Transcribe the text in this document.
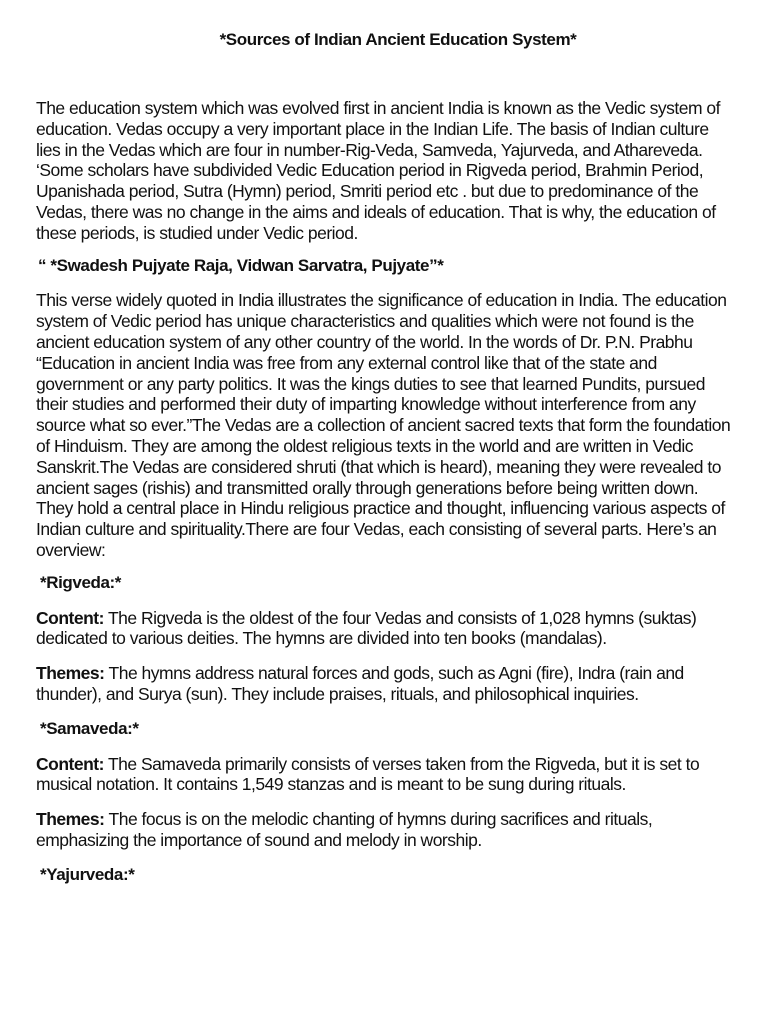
*Sources of Indian Ancient Education System*

The education system which was evolved first in ancient India is known as the Vedic system of education. Vedas occupy a very important place in the Indian Life. The basis of Indian culture lies in the Vedas which are four in number-Rig-Veda, Samveda, Yajurveda, and Athareveda. ‘Some scholars have subdivided Vedic Education period in Rigveda period, Brahmin Period, Upanishada period, Sutra (Hymn) period, Smriti period etc . but due to predominance of the Vedas, there was no change in the aims and ideals of education. That is why, the education of these periods, is studied under Vedic period.

“ *Swadesh Pujyate Raja, Vidwan Sarvatra, Pujyate”*

This verse widely quoted in India illustrates the significance of education in India. The education system of Vedic period has unique characteristics and qualities which were not found is the ancient education system of any other country of the world. In the words of Dr. P.N. Prabhu “Education in ancient India was free from any external control like that of the state and government or any party politics. It was the kings duties to see that learned Pundits, pursued their studies and performed their duty of imparting knowledge without interference from any source what so ever.”The Vedas are a collection of ancient sacred texts that form the foundation of Hinduism. They are among the oldest religious texts in the world and are written in Vedic Sanskrit.The Vedas are considered shruti (that which is heard), meaning they were revealed to ancient sages (rishis) and transmitted orally through generations before being written down. They hold a central place in Hindu religious practice and thought, influencing various aspects of Indian culture and spirituality.There are four Vedas, each consisting of several parts. Here’s an overview:

*Rigveda:*

Content: The Rigveda is the oldest of the four Vedas and consists of 1,028 hymns (suktas) dedicated to various deities. The hymns are divided into ten books (mandalas).

Themes: The hymns address natural forces and gods, such as Agni (fire), Indra (rain and thunder), and Surya (sun). They include praises, rituals, and philosophical inquiries.

*Samaveda:*

Content: The Samaveda primarily consists of verses taken from the Rigveda, but it is set to musical notation. It contains 1,549 stanzas and is meant to be sung during rituals.

Themes: The focus is on the melodic chanting of hymns during sacrifices and rituals, emphasizing the importance of sound and melody in worship.

*Yajurveda:*
